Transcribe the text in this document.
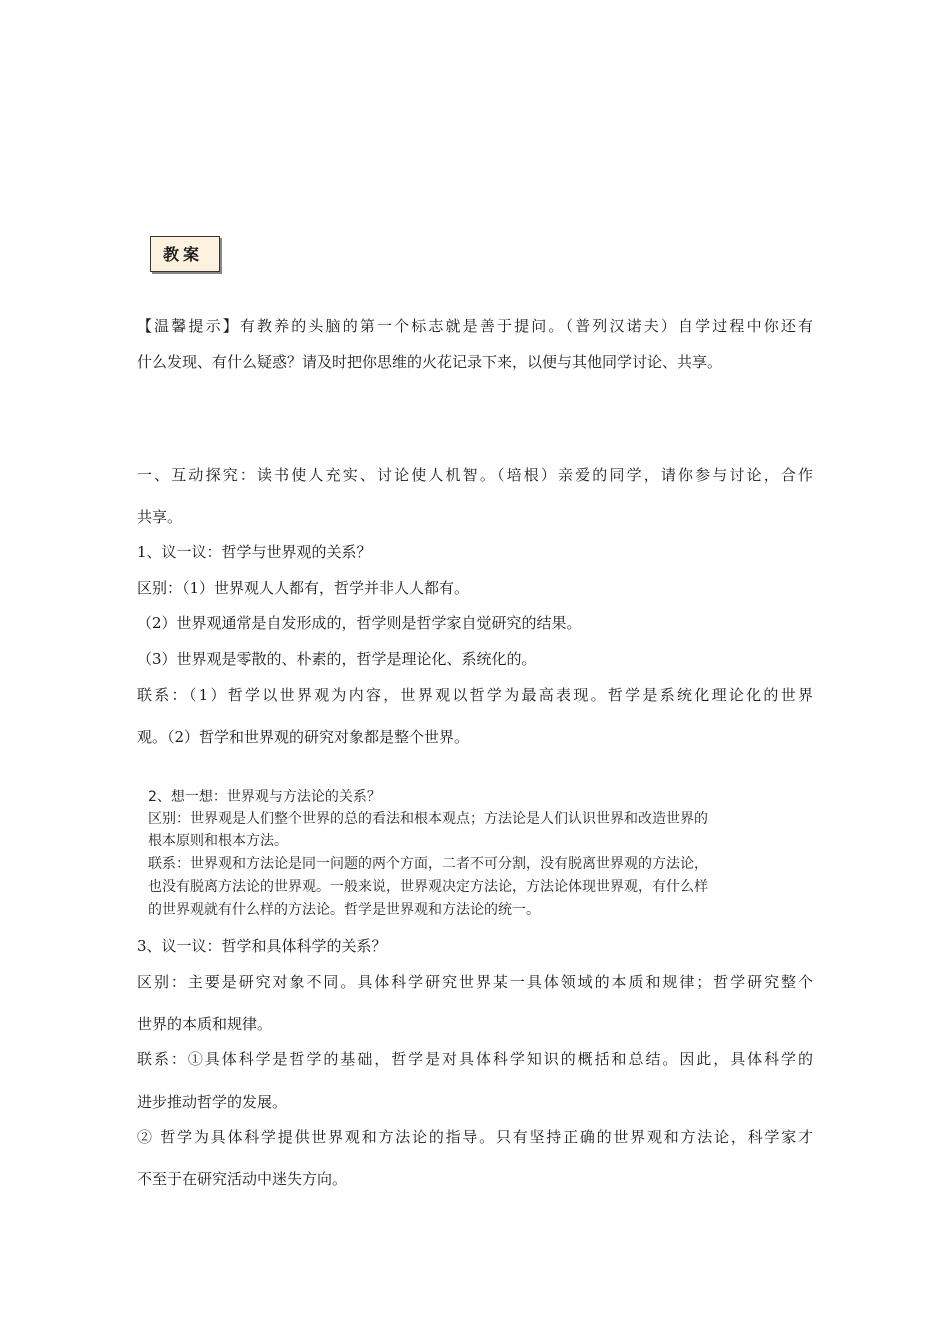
教案
【温馨提示】有教养的头脑的第一个标志就是善于提问。（普列汉诺夫）自学过程中你还有
什么发现、有什么疑惑？请及时把你思维的火花记录下来，以便与其他同学讨论、共享。
一、互动探究：读书使人充实、讨论使人机智。（培根）亲爱的同学，请你参与讨论，合作
共享。
1、议一议：哲学与世界观的关系？
区别：（1）世界观人人都有，哲学并非人人都有。
（2）世界观通常是自发形成的，哲学则是哲学家自觉研究的结果。
（3）世界观是零散的、朴素的，哲学是理论化、系统化的。
联系：（1）哲学以世界观为内容，世界观以哲学为最高表现。哲学是系统化理论化的世界
观。（2）哲学和世界观的研究对象都是整个世界。
2、想一想：世界观与方法论的关系？
区别：世界观是人们整个世界的总的看法和根本观点；方法论是人们认识世界和改造世界的
根本原则和根本方法。
联系：世界观和方法论是同一问题的两个方面，二者不可分割，没有脱离世界观的方法论，
也没有脱离方法论的世界观。一般来说，世界观决定方法论，方法论体现世界观，有什么样
的世界观就有什么样的方法论。哲学是世界观和方法论的统一。
3、议一议：哲学和具体科学的关系？
区别：主要是研究对象不同。具体科学研究世界某一具体领域的本质和规律；哲学研究整个
世界的本质和规律。
联系：①具体科学是哲学的基础，哲学是对具体科学知识的概括和总结。因此，具体科学的
进步推动哲学的发展。
② 哲学为具体科学提供世界观和方法论的指导。只有坚持正确的世界观和方法论，科学家才
不至于在研究活动中迷失方向。
